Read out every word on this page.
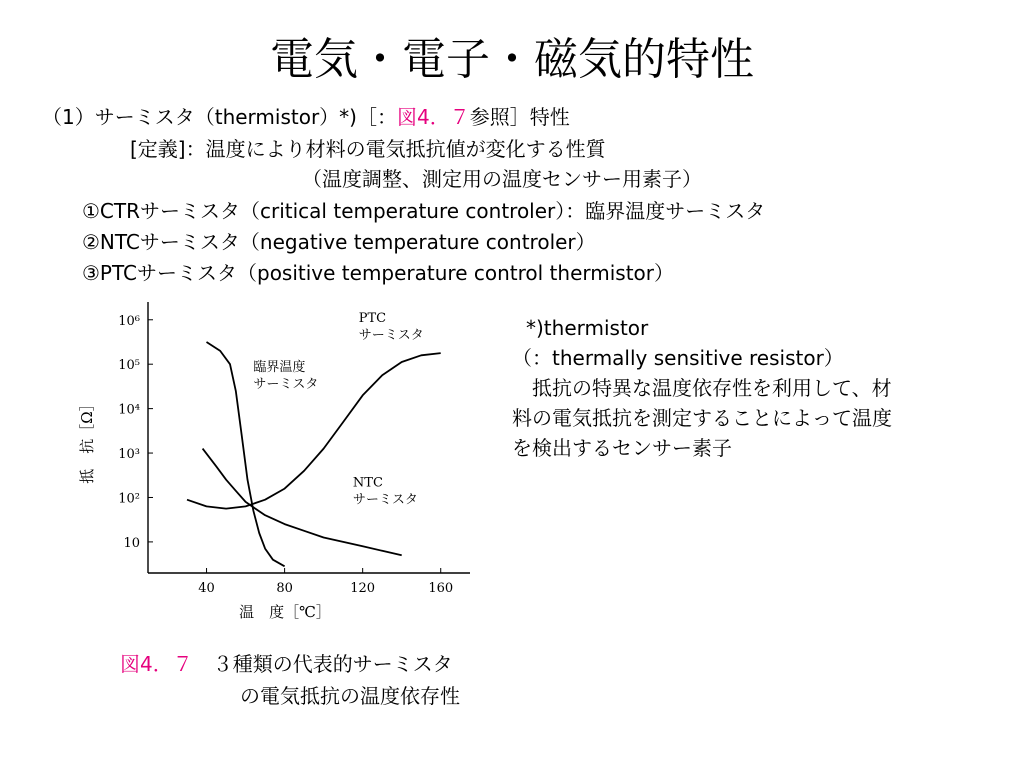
電気・電子・磁気的特性
（1）サーミスタ（thermistor）*)［：図4．７参照］特性
[定義]：温度により材料の電気抵抗値が変化する性質
（温度調整、測定用の温度センサー用素子）
①CTRサーミスタ（critical temperature controler）：臨界温度サーミスタ
②NTCサーミスタ（negative temperature controler）
③PTCサーミスタ（positive temperature control thermistor）
10⁶
10⁵
10⁴
10³
10²
10
40	80	120	160
臨界温度
サーミスタ
PTC
サーミスタ
NTC
サーミスタ
抵　抗［Ω］
温　度［℃］
*)thermistor
（：thermally sensitive resistor）
　抵抗の特異な温度依存性を利用して、材
料の電気抵抗を測定することによって温度
を検出するセンサー素子
図4．７　 ３種類の代表的サーミスタ
の電気抵抗の温度依存性
